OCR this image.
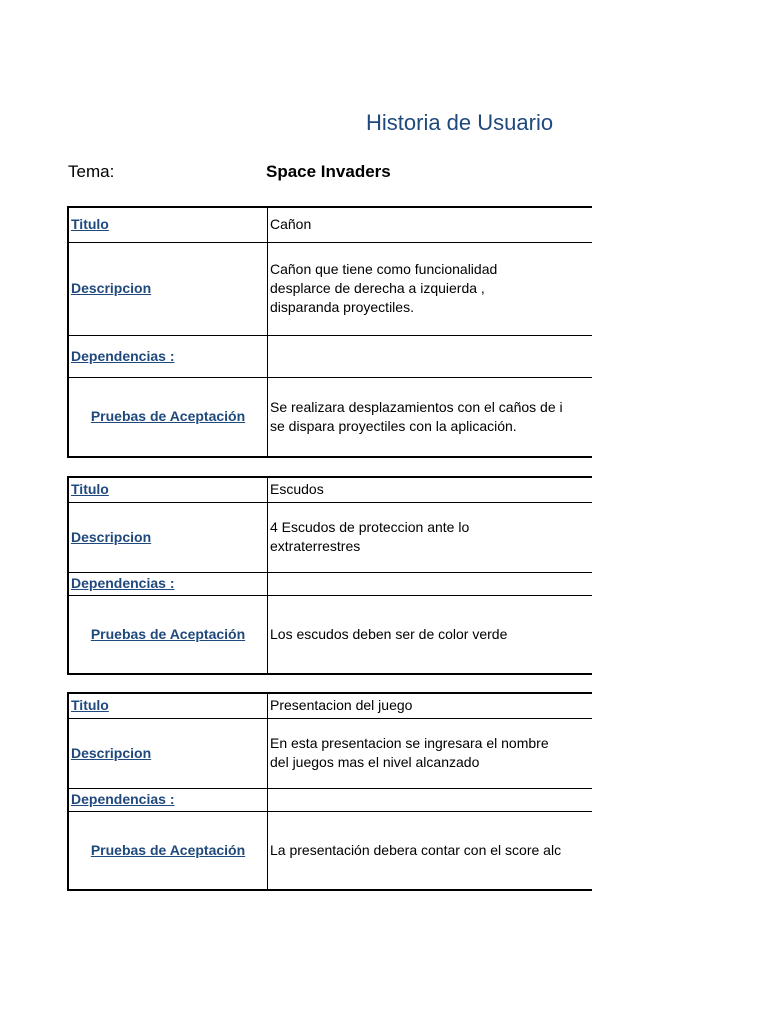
Historia de Usuario
Tema:	Space Invaders
Titulo	Cañon
Descripcion	Cañon que tiene como funcionalidad
desplarce de derecha a izquierda ,
disparanda proyectiles.

Dependencias :	
Pruebas de Aceptación	Se realizara desplazamientos con el caños de i
se dispara proyectiles con la aplicación.
Titulo	Escudos
Descripcion	4 Escudos de proteccion ante lo
extraterrestres

Dependencias :	
Pruebas de Aceptación	Los escudos deben ser de color verde
Titulo	Presentacion del juego
Descripcion	En esta presentacion se ingresara el nombre
del juegos mas el nivel alcanzado

Dependencias :	
Pruebas de Aceptación	La presentación debera contar con el score alc
